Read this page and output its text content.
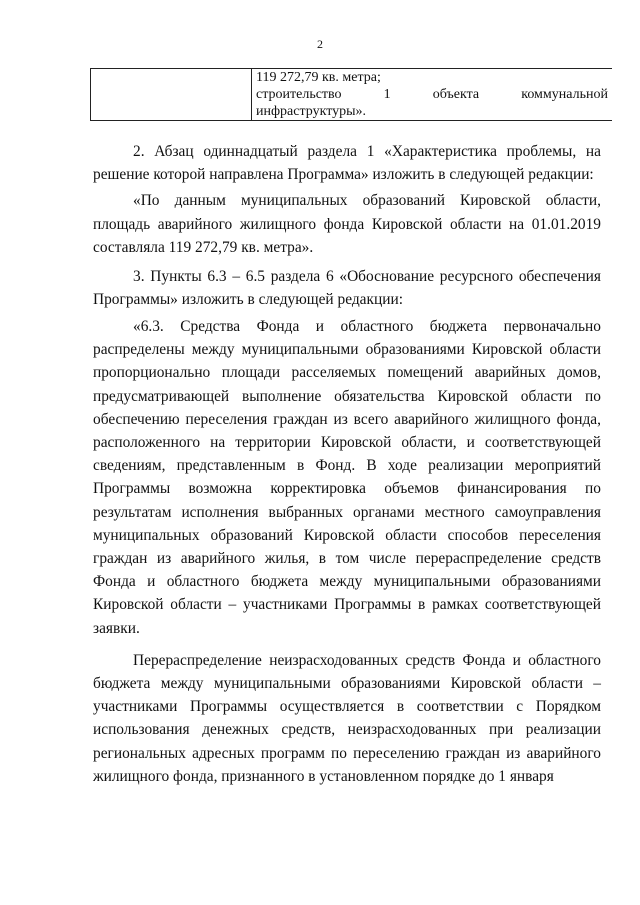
2

119 272,79 кв. метра;
строительство	1	объекта	коммунальной
инфраструктуры».

2. Абзац одиннадцатый раздела 1 «Характеристика проблемы, на решение которой направлена Программа» изложить в следующей редакции:

«По данным муниципальных образований Кировской области, площадь аварийного жилищного фонда Кировской области на 01.01.2019 составляла 119 272,79 кв. метра».

3. Пункты 6.3 – 6.5 раздела 6 «Обоснование ресурсного обеспечения Программы» изложить в следующей редакции:

«6.3. Средства Фонда и областного бюджета первоначально распределены между муниципальными образованиями Кировской области пропорционально площади расселяемых помещений аварийных домов, предусматривающей выполнение обязательства Кировской области по обеспечению переселения граждан из всего аварийного жилищного фонда, расположенного на территории Кировской области, и соответствующей сведениям, представленным в Фонд. В ходе реализации мероприятий Программы возможна корректировка объемов финансирования по результатам исполнения выбранных органами местного самоуправления муниципальных образований Кировской области способов переселения граждан из аварийного жилья, в том числе перераспределение средств Фонда и областного бюджета между муниципальными образованиями Кировской области – участниками Программы в рамках соответствующей заявки.

Перераспределение неизрасходованных средств Фонда и областного бюджета между муниципальными образованиями Кировской области – участниками Программы осуществляется в соответствии с Порядком использования денежных средств, неизрасходованных при реализации региональных адресных программ по переселению граждан из аварийного жилищного фонда, признанного в установленном порядке до 1 января
